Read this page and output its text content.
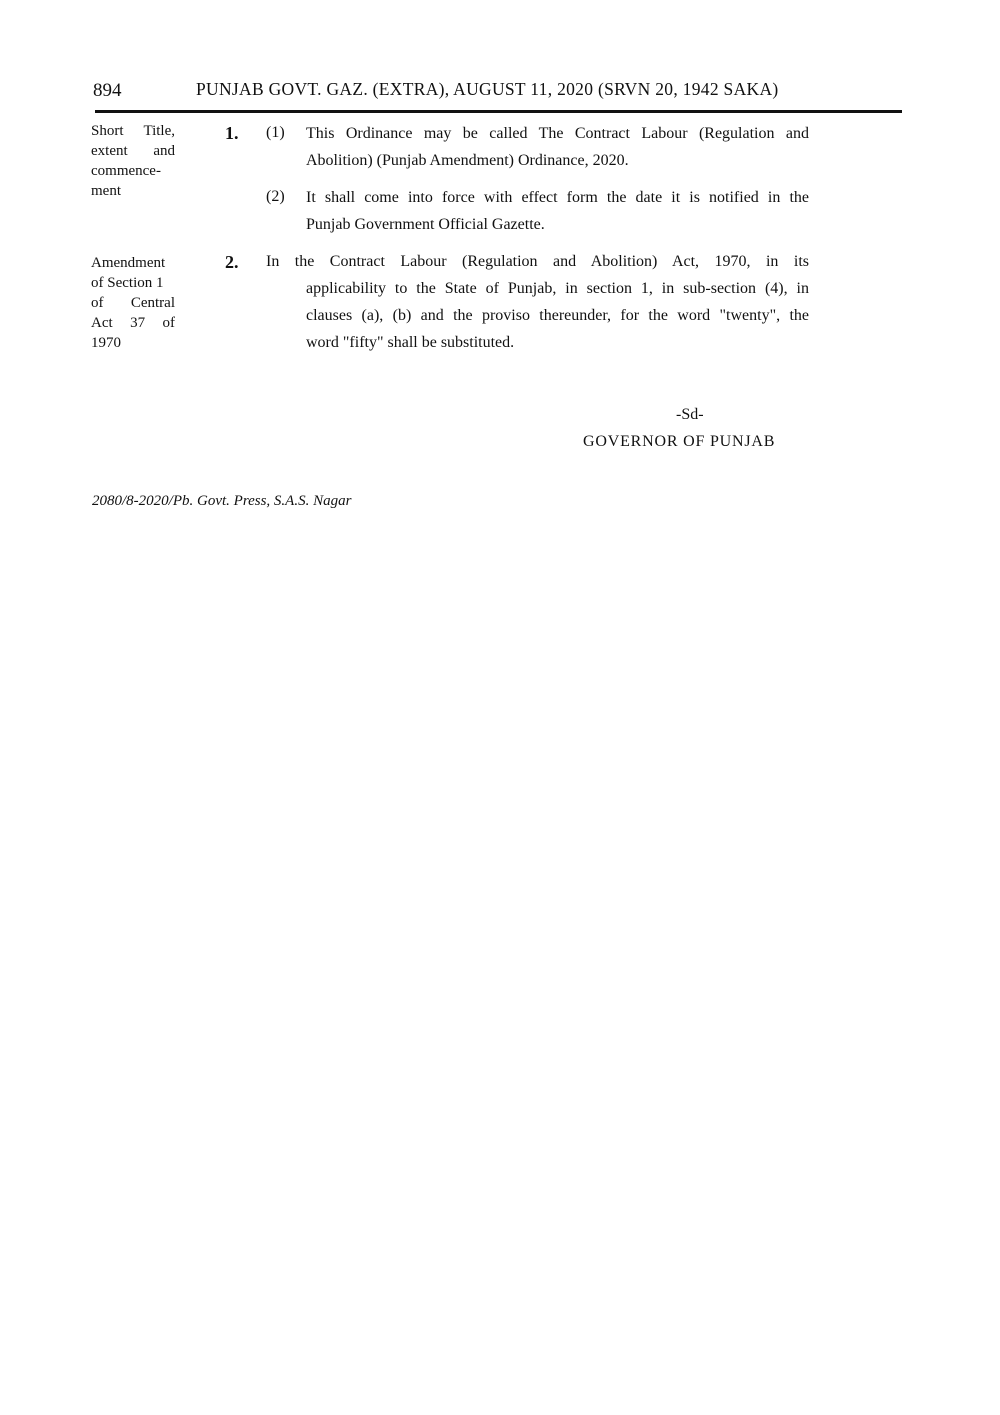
894	PUNJAB GOVT. GAZ. (EXTRA), AUGUST 11, 2020 (SRVN 20, 1942 SAKA)
Short Title,
extent and
commence-
ment
1. (1) This Ordinance may be called The Contract Labour (Regulation and
Abolition) (Punjab Amendment) Ordinance, 2020.
(2) It shall come into force with effect form the date it is notified in the
Punjab Government Official Gazette.
Amendment
of Section 1
of Central
Act 37 of
1970
2. In the Contract Labour (Regulation and Abolition) Act, 1970, in its
applicability to the State of Punjab, in section 1, in sub-section (4), in
clauses (a), (b) and the proviso thereunder, for the word "twenty", the
word "fifty" shall be substituted.
-Sd-
GOVERNOR OF PUNJAB
2080/8-2020/Pb. Govt. Press, S.A.S. Nagar
